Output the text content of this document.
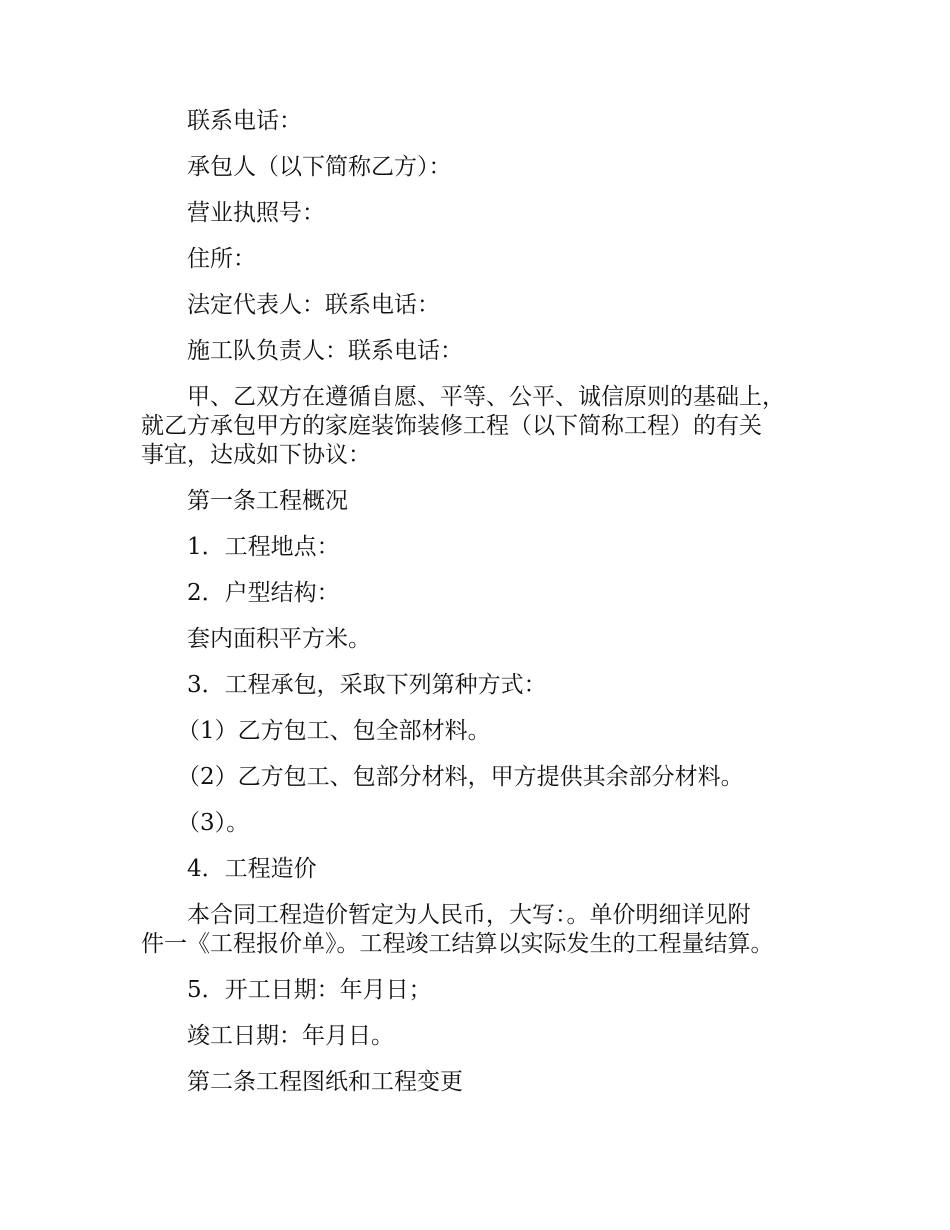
联系电话：

承包人（以下简称乙方）：

营业执照号：

住所：

法定代表人：联系电话：

施工队负责人：联系电话：

甲、乙双方在遵循自愿、平等、公平、诚信原则的基础上，
就乙方承包甲方的家庭装饰装修工程（以下简称工程）的有关
事宜，达成如下协议：

第一条工程概况

1．工程地点：

2．户型结构：

套内面积平方米。

3．工程承包，采取下列第种方式：

（1）乙方包工、包全部材料。

（2）乙方包工、包部分材料，甲方提供其余部分材料。

（3）。

4．工程造价

本合同工程造价暂定为人民币，大写：。单价明细详见附
件一《工程报价单》。工程竣工结算以实际发生的工程量结算。

5．开工日期：年月日；

竣工日期：年月日。

第二条工程图纸和工程变更
